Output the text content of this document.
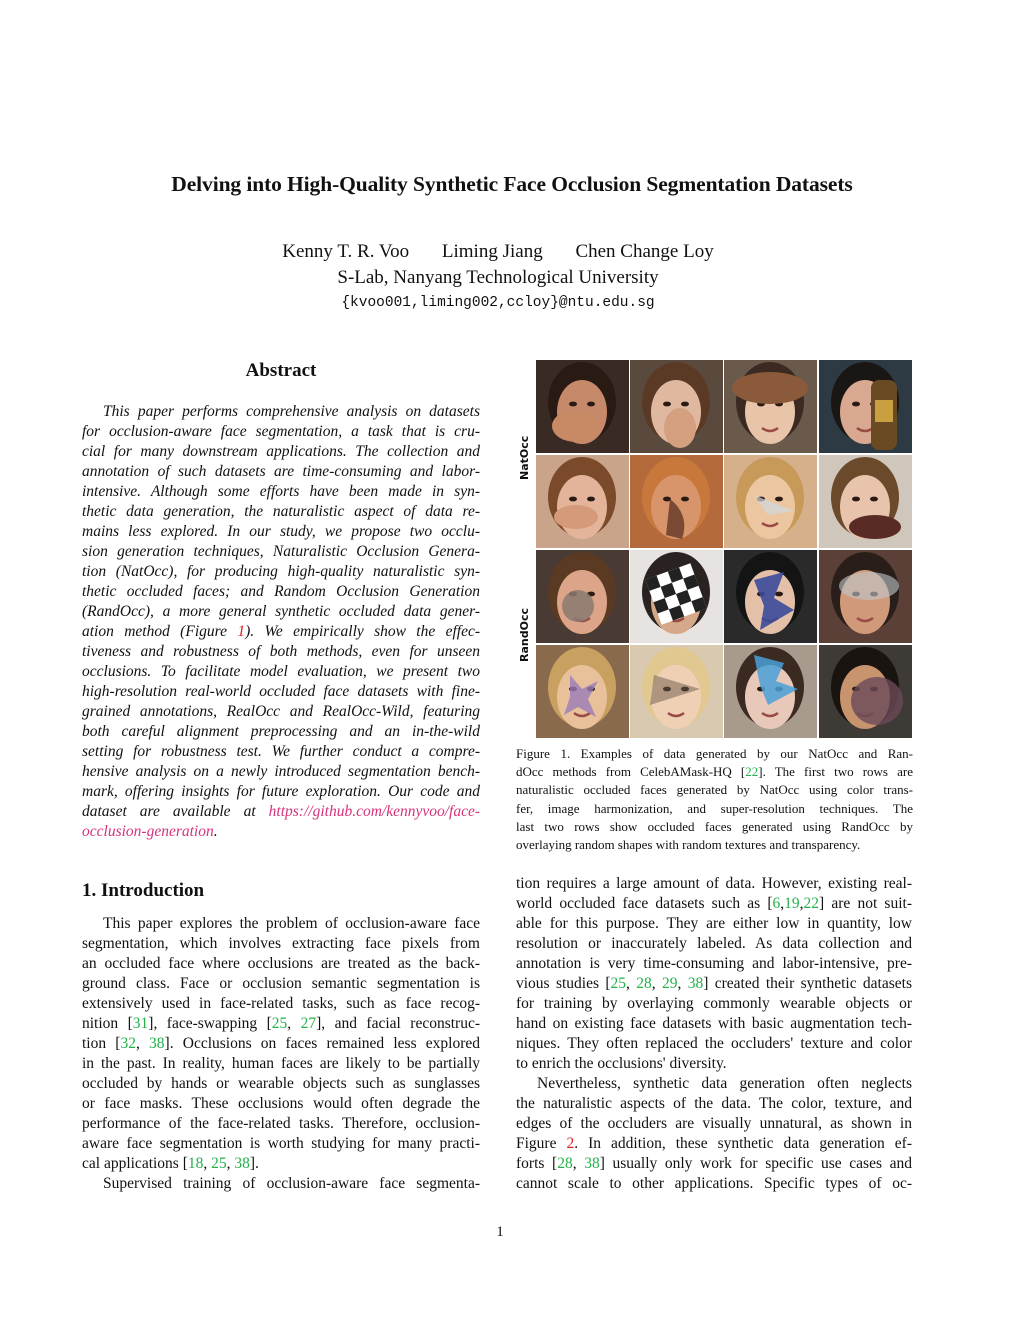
Delving into High-Quality Synthetic Face Occlusion Segmentation Datasets
Kenny T. R. Voo Liming Jiang Chen Change Loy
S-Lab, Nanyang Technological University
{kvoo001,liming002,ccloy}@ntu.edu.sg
Abstract
This paper performs comprehensive analysis on datasets
for occlusion-aware face segmentation, a task that is cru-
cial for many downstream applications. The collection and
annotation of such datasets are time-consuming and labor-
intensive. Although some efforts have been made in syn-
thetic data generation, the naturalistic aspect of data re-
mains less explored. In our study, we propose two occlu-
sion generation techniques, Naturalistic Occlusion Genera-
tion (NatOcc), for producing high-quality naturalistic syn-
thetic occluded faces; and Random Occlusion Generation
(RandOcc), a more general synthetic occluded data gener-
ation method (Figure 1). We empirically show the effec-
tiveness and robustness of both methods, even for unseen
occlusions. To facilitate model evaluation, we present two
high-resolution real-world occluded face datasets with fine-
grained annotations, RealOcc and RealOcc-Wild, featuring
both careful alignment preprocessing and an in-the-wild
setting for robustness test. We further conduct a compre-
hensive analysis on a newly introduced segmentation bench-
mark, offering insights for future exploration. Our code and
dataset are available at https://github.com/kennyvoo/face-
occlusion-generation.
NatOcc
RandOcc
Figure 1. Examples of data generated by our NatOcc and Ran-
dOcc methods from CelebAMask-HQ [22]. The first two rows are
naturalistic occluded faces generated by NatOcc using color trans-
fer, image harmonization, and super-resolution techniques. The
last two rows show occluded faces generated using RandOcc by
overlaying random shapes with random textures and transparency.
1. Introduction
This paper explores the problem of occlusion-aware face
segmentation, which involves extracting face pixels from
an occluded face where occlusions are treated as the back-
ground class. Face or occlusion semantic segmentation is
extensively used in face-related tasks, such as face recog-
nition [31], face-swapping [25, 27], and facial reconstruc-
tion [32, 38]. Occlusions on faces remained less explored
in the past. In reality, human faces are likely to be partially
occluded by hands or wearable objects such as sunglasses
or face masks. These occlusions would often degrade the
performance of the face-related tasks. Therefore, occlusion-
aware face segmentation is worth studying for many practi-
cal applications [18, 25, 38].
Supervised training of occlusion-aware face segmenta-
tion requires a large amount of data. However, existing real-
world occluded face datasets such as [6,19,22] are not suit-
able for this purpose. They are either low in quantity, low
resolution or inaccurately labeled. As data collection and
annotation is very time-consuming and labor-intensive, pre-
vious studies [25, 28, 29, 38] created their synthetic datasets
for training by overlaying commonly wearable objects or
hand on existing face datasets with basic augmentation tech-
niques. They often replaced the occluders' texture and color
to enrich the occlusions' diversity.
Nevertheless, synthetic data generation often neglects
the naturalistic aspects of the data. The color, texture, and
edges of the occluders are visually unnatural, as shown in
Figure 2. In addition, these synthetic data generation ef-
forts [28, 38] usually only work for specific use cases and
cannot scale to other applications. Specific types of oc-
1
